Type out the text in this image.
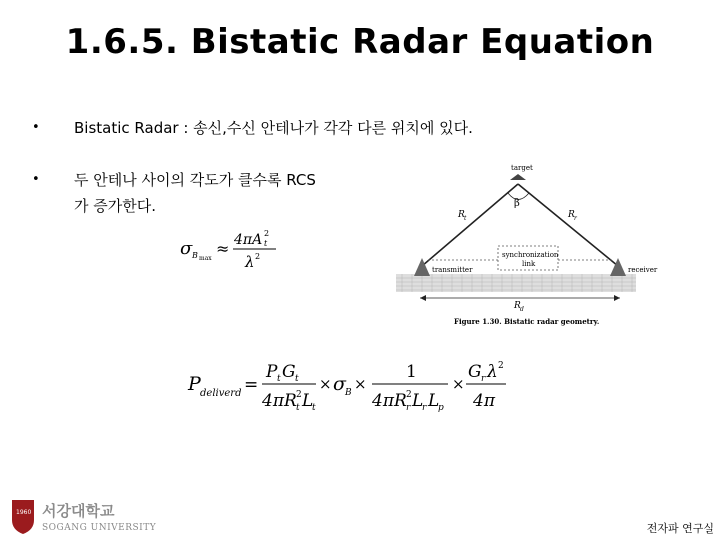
1.6.5. Bistatic Radar Equation
• Bistatic Radar : 송신,수신 안테나가 각각 다른 위치에 있다.
• 두 안테나 사이의 각도가 클수록 RCS
가 증가한다.
σ B max
≈ 4πA 2
t
λ 2
target
β
R t	R r
synchronization
link
transmitter	receiver
R d
Figure 1.30. Bistatic radar geometry.
P deliverd =
P t G t
4πR 2
t L
t
× σ B ×
1
4πR 2
r L
r L
p
×
G r λ 2
4π
1960 서강대학교
SOGANG UNIVERSITY	전자파 연구실
